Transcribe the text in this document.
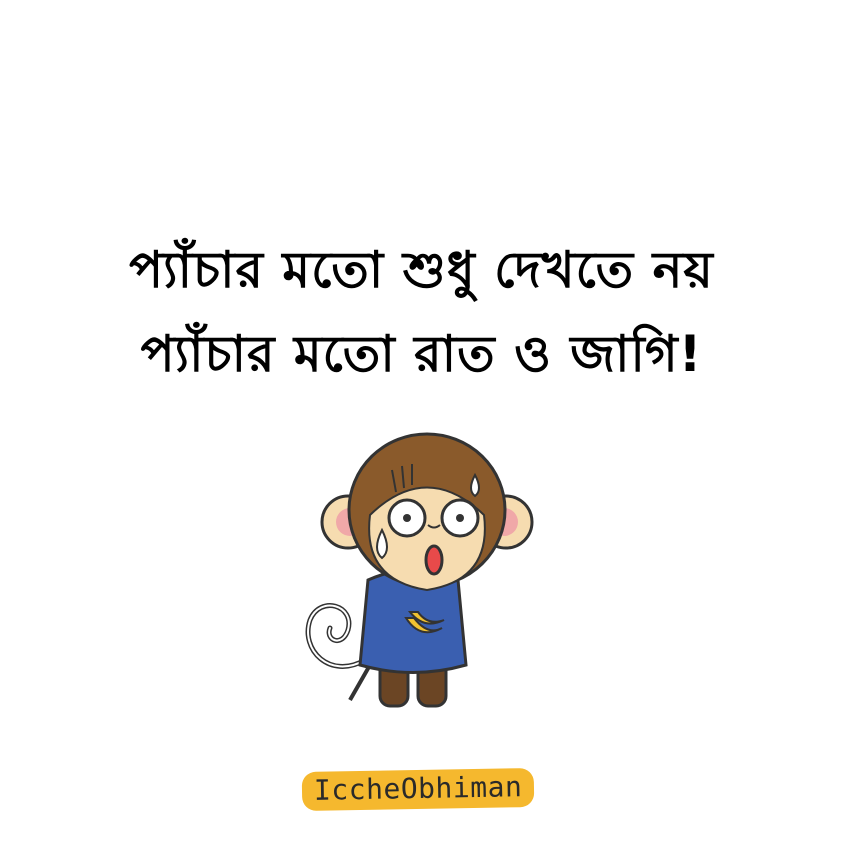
প্যাঁচার মতো শুধু দেখতে নয়
প্যাঁচার মতো রাত ও জাগি!
IccheObhiman
